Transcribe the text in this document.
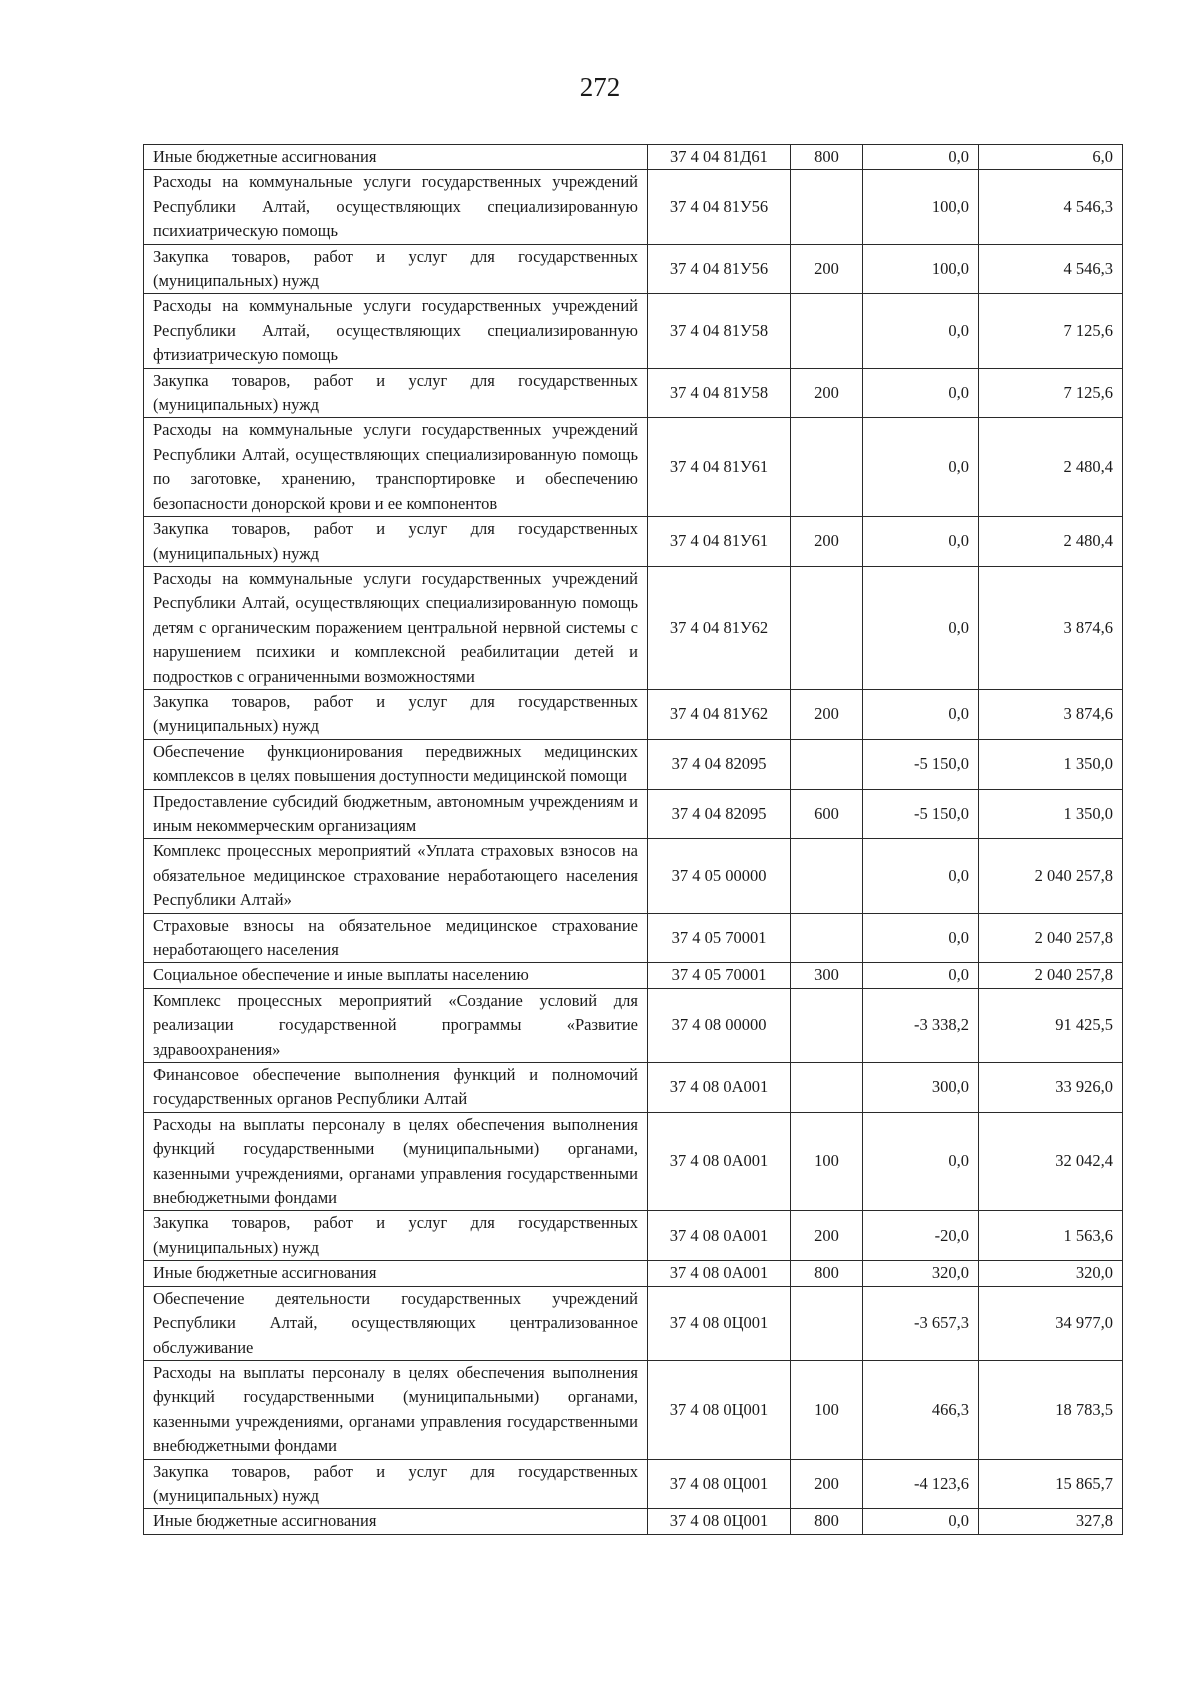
272
Иные бюджетные ассигнования	37 4 04 81Д61	800	0,0	6,0
Расходы на коммунальные услуги государственных учреждений Республики Алтай, осуществляющих специализированную психиатрическую помощь	37 4 04 81У56		100,0	4 546,3
Закупка товаров, работ и услуг для государственных (муниципальных) нужд	37 4 04 81У56	200	100,0	4 546,3
Расходы на коммунальные услуги государственных учреждений Республики Алтай, осуществляющих специализированную фтизиатрическую помощь	37 4 04 81У58		0,0	7 125,6
Закупка товаров, работ и услуг для государственных (муниципальных) нужд	37 4 04 81У58	200	0,0	7 125,6
Расходы на коммунальные услуги государственных учреждений Республики Алтай, осуществляющих специализированную помощь по заготовке, хранению, транспортировке и обеспечению безопасности донорской крови и ее компонентов	37 4 04 81У61		0,0	2 480,4
Закупка товаров, работ и услуг для государственных (муниципальных) нужд	37 4 04 81У61	200	0,0	2 480,4
Расходы на коммунальные услуги государственных учреждений Республики Алтай, осуществляющих специализированную помощь детям с органическим поражением центральной нервной системы с нарушением психики и комплексной реабилитации детей и подростков с ограниченными возможностями	37 4 04 81У62		0,0	3 874,6
Закупка товаров, работ и услуг для государственных (муниципальных) нужд	37 4 04 81У62	200	0,0	3 874,6
Обеспечение функционирования передвижных медицинских комплексов в целях повышения доступности медицинской помощи	37 4 04 82095		-5 150,0	1 350,0
Предоставление субсидий бюджетным, автономным учреждениям и иным некоммерческим организациям	37 4 04 82095	600	-5 150,0	1 350,0
Комплекс процессных мероприятий «Уплата страховых взносов на обязательное медицинское страхование неработающего населения Республики Алтай»	37 4 05 00000		0,0	2 040 257,8
Страховые взносы на обязательное медицинское страхование неработающего населения	37 4 05 70001		0,0	2 040 257,8
Социальное обеспечение и иные выплаты населению	37 4 05 70001	300	0,0	2 040 257,8
Комплекс процессных мероприятий «Создание условий для реализации государственной программы «Развитие здравоохранения»	37 4 08 00000		-3 338,2	91 425,5
Финансовое обеспечение выполнения функций и полномочий государственных органов Республики Алтай	37 4 08 0А001		300,0	33 926,0
Расходы на выплаты персоналу в целях обеспечения выполнения функций государственными (муниципальными) органами, казенными учреждениями, органами управления государственными внебюджетными фондами	37 4 08 0А001	100	0,0	32 042,4
Закупка товаров, работ и услуг для государственных (муниципальных) нужд	37 4 08 0А001	200	-20,0	1 563,6
Иные бюджетные ассигнования	37 4 08 0А001	800	320,0	320,0
Обеспечение деятельности государственных учреждений Республики Алтай, осуществляющих централизованное обслуживание	37 4 08 0Ц001		-3 657,3	34 977,0
Расходы на выплаты персоналу в целях обеспечения выполнения функций государственными (муниципальными) органами, казенными учреждениями, органами управления государственными внебюджетными фондами	37 4 08 0Ц001	100	466,3	18 783,5
Закупка товаров, работ и услуг для государственных (муниципальных) нужд	37 4 08 0Ц001	200	-4 123,6	15 865,7
Иные бюджетные ассигнования	37 4 08 0Ц001	800	0,0	327,8
